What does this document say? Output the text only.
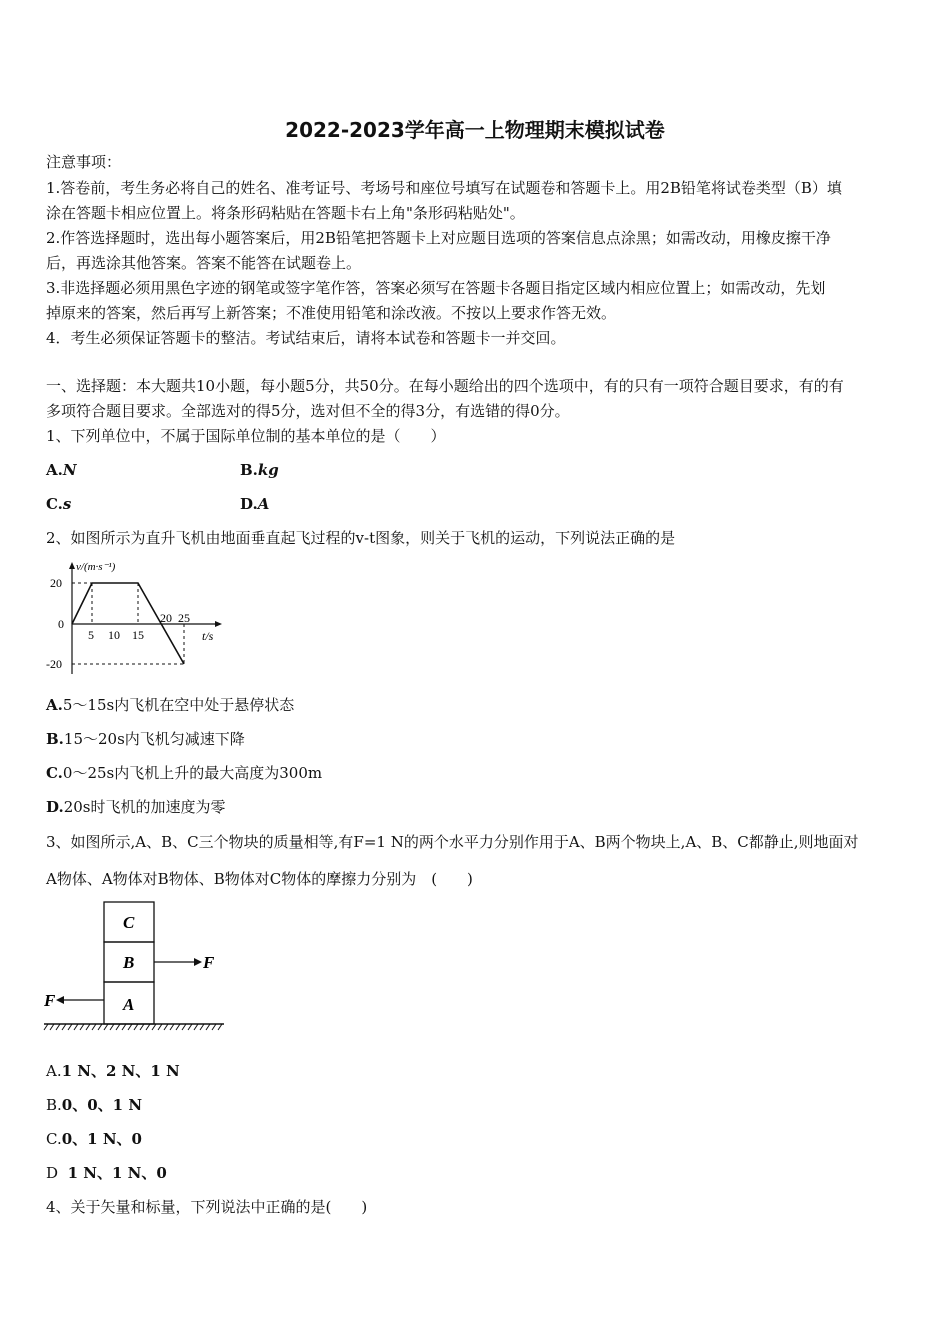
2022-2023学年高一上物理期末模拟试卷
注意事项：
1.答卷前，考生务必将自己的姓名、准考证号、考场号和座位号填写在试题卷和答题卡上。用2B铅笔将试卷类型（B）填
涂在答题卡相应位置上。将条形码粘贴在答题卡右上角"条形码粘贴处"。
2.作答选择题时，选出每小题答案后，用2B铅笔把答题卡上对应题目选项的答案信息点涂黑；如需改动，用橡皮擦干净
后，再选涂其他答案。答案不能答在试题卷上。
3.非选择题必须用黑色字迹的钢笔或签字笔作答，答案必须写在答题卡各题目指定区域内相应位置上；如需改动，先划
掉原来的答案，然后再写上新答案；不准使用铅笔和涂改液。不按以上要求作答无效。
4．考生必须保证答题卡的整洁。考试结束后，请将本试卷和答题卡一并交回。
一、选择题：本大题共10小题，每小题5分，共50分。在每小题给出的四个选项中，有的只有一项符合题目要求，有的有
多项符合题目要求。全部选对的得5分，选对但不全的得3分，有选错的得0分。
1、下列单位中，不属于国际单位制的基本单位的是（　　）
A.N	B.kg
C.s	D.A
2、如图所示为直升飞机由地面垂直起飞过程的v-t图象，则关于飞机的运动，下列说法正确的是
v/(m·s⁻¹)
20
0
-20
5 10 15
20 25
t/s
A.5～15s内飞机在空中处于悬停状态
B.15～20s内飞机匀减速下降
C.0～25s内飞机上升的最大高度为300m
D.20s时飞机的加速度为零
3、如图所示,A、B、C三个物块的质量相等,有F=1 N的两个水平力分别作用于A、B两个物块上,A、B、C都静止,则地面对
A物体、A物体对B物体、B物体对C物体的摩擦力分别为　(　　)
C
B
A
F
F
A.1 N、2 N、1 N
B.0、0、1 N
C.0、1 N、0
D 1 N、1 N、0
4、关于矢量和标量，下列说法中正确的是(　　)
